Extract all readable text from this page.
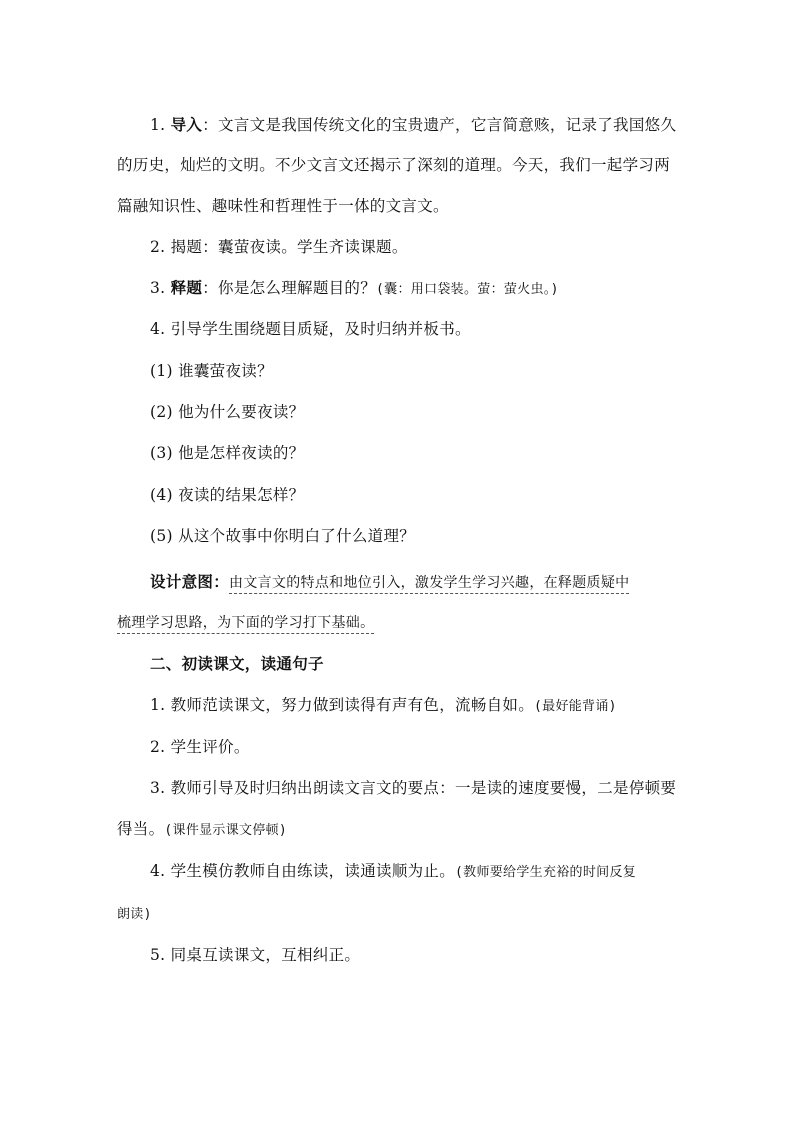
1. 导入：文言文是我国传统文化的宝贵遗产，它言简意赅，记录了我国悠久
的历史，灿烂的文明。不少文言文还揭示了深刻的道理。今天，我们一起学习两
篇融知识性、趣味性和哲理性于一体的文言文。
2. 揭题：囊萤夜读。学生齐读课题。
3. 释题：你是怎么理解题目的？(囊：用口袋装。萤：萤火虫。)
4. 引导学生围绕题目质疑，及时归纳并板书。
(1) 谁囊萤夜读？
(2) 他为什么要夜读？
(3) 他是怎样夜读的？
(4) 夜读的结果怎样？
(5) 从这个故事中你明白了什么道理？
设计意图：由文言文的特点和地位引入，激发学生学习兴趣，在释题质疑中
梳理学习思路，为下面的学习打下基础。
二、初读课文，读通句子
1. 教师范读课文，努力做到读得有声有色，流畅自如。(最好能背诵)
2. 学生评价。
3. 教师引导及时归纳出朗读文言文的要点：一是读的速度要慢，二是停顿要
得当。(课件显示课文停顿)
4. 学生模仿教师自由练读，读通读顺为止。(教师要给学生充裕的时间反复
朗读)
5. 同桌互读课文，互相纠正。
